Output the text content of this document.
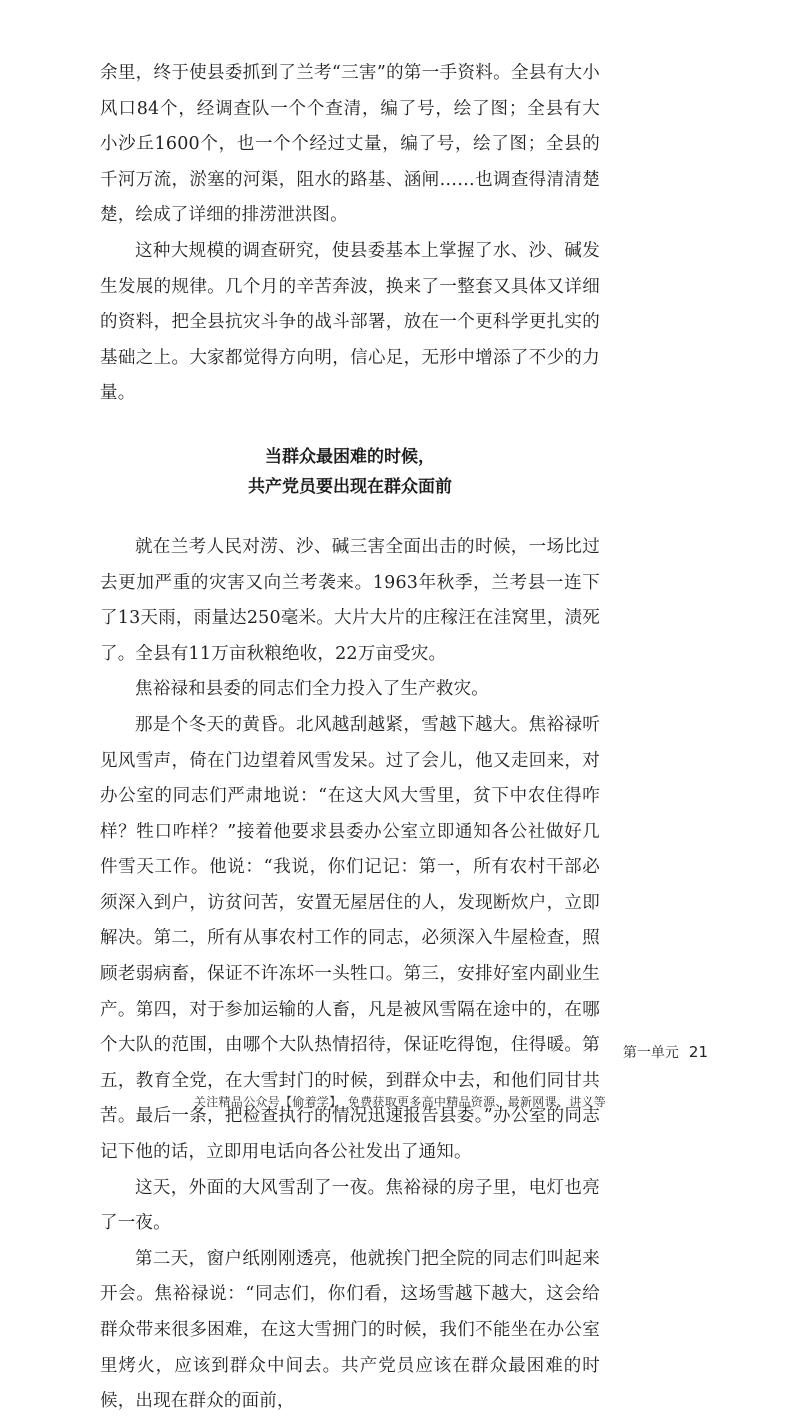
余里，终于使县委抓到了兰考“三害”的第一手资料。全县有大小风口84个，经调查队一个个查清，编了号，绘了图；全县有大小沙丘1600个，也一个个经过丈量，编了号，绘了图；全县的千河万流，淤塞的河渠，阻水的路基、涵闸……也调查得清清楚楚，绘成了详细的排涝泄洪图。

这种大规模的调查研究，使县委基本上掌握了水、沙、碱发生发展的规律。几个月的辛苦奔波，换来了一整套又具体又详细的资料，把全县抗灾斗争的战斗部署，放在一个更科学更扎实的基础之上。大家都觉得方向明，信心足，无形中增添了不少的力量。

当群众最困难的时候，

共产党员要出现在群众面前

就在兰考人民对涝、沙、碱三害全面出击的时候，一场比过去更加严重的灾害又向兰考袭来。1963年秋季，兰考县一连下了13天雨，雨量达250毫米。大片大片的庄稼汪在洼窝里，渍死了。全县有11万亩秋粮绝收，22万亩受灾。

焦裕禄和县委的同志们全力投入了生产救灾。

那是个冬天的黄昏。北风越刮越紧，雪越下越大。焦裕禄听见风雪声，倚在门边望着风雪发呆。过了会儿，他又走回来，对办公室的同志们严肃地说：“在这大风大雪里，贫下中农住得咋样？牲口咋样？”接着他要求县委办公室立即通知各公社做好几件雪天工作。他说：“我说，你们记记：第一，所有农村干部必须深入到户，访贫问苦，安置无屋居住的人，发现断炊户，立即解决。第二，所有从事农村工作的同志，必须深入牛屋检查，照顾老弱病畜，保证不许冻坏一头牲口。第三，安排好室内副业生产。第四，对于参加运输的人畜，凡是被风雪隔在途中的，在哪个大队的范围，由哪个大队热情招待，保证吃得饱，住得暖。第五，教育全党，在大雪封门的时候，到群众中去，和他们同甘共苦。最后一条，把检查执行的情况迅速报告县委。”办公室的同志记下他的话，立即用电话向各公社发出了通知。

这天，外面的大风雪刮了一夜。焦裕禄的房子里，电灯也亮了一夜。

第二天，窗户纸刚刚透亮，他就挨门把全院的同志们叫起来开会。焦裕禄说：“同志们，你们看，这场雪越下越大，这会给群众带来很多困难，在这大雪拥门的时候，我们不能坐在办公室里烤火，应该到群众中间去。共产党员应该在群众最困难的时候，出现在群众的面前，

第一单元 21
关注精品公众号【偷着学】，免费获取更多高中精品资源、最新网课、讲义等
